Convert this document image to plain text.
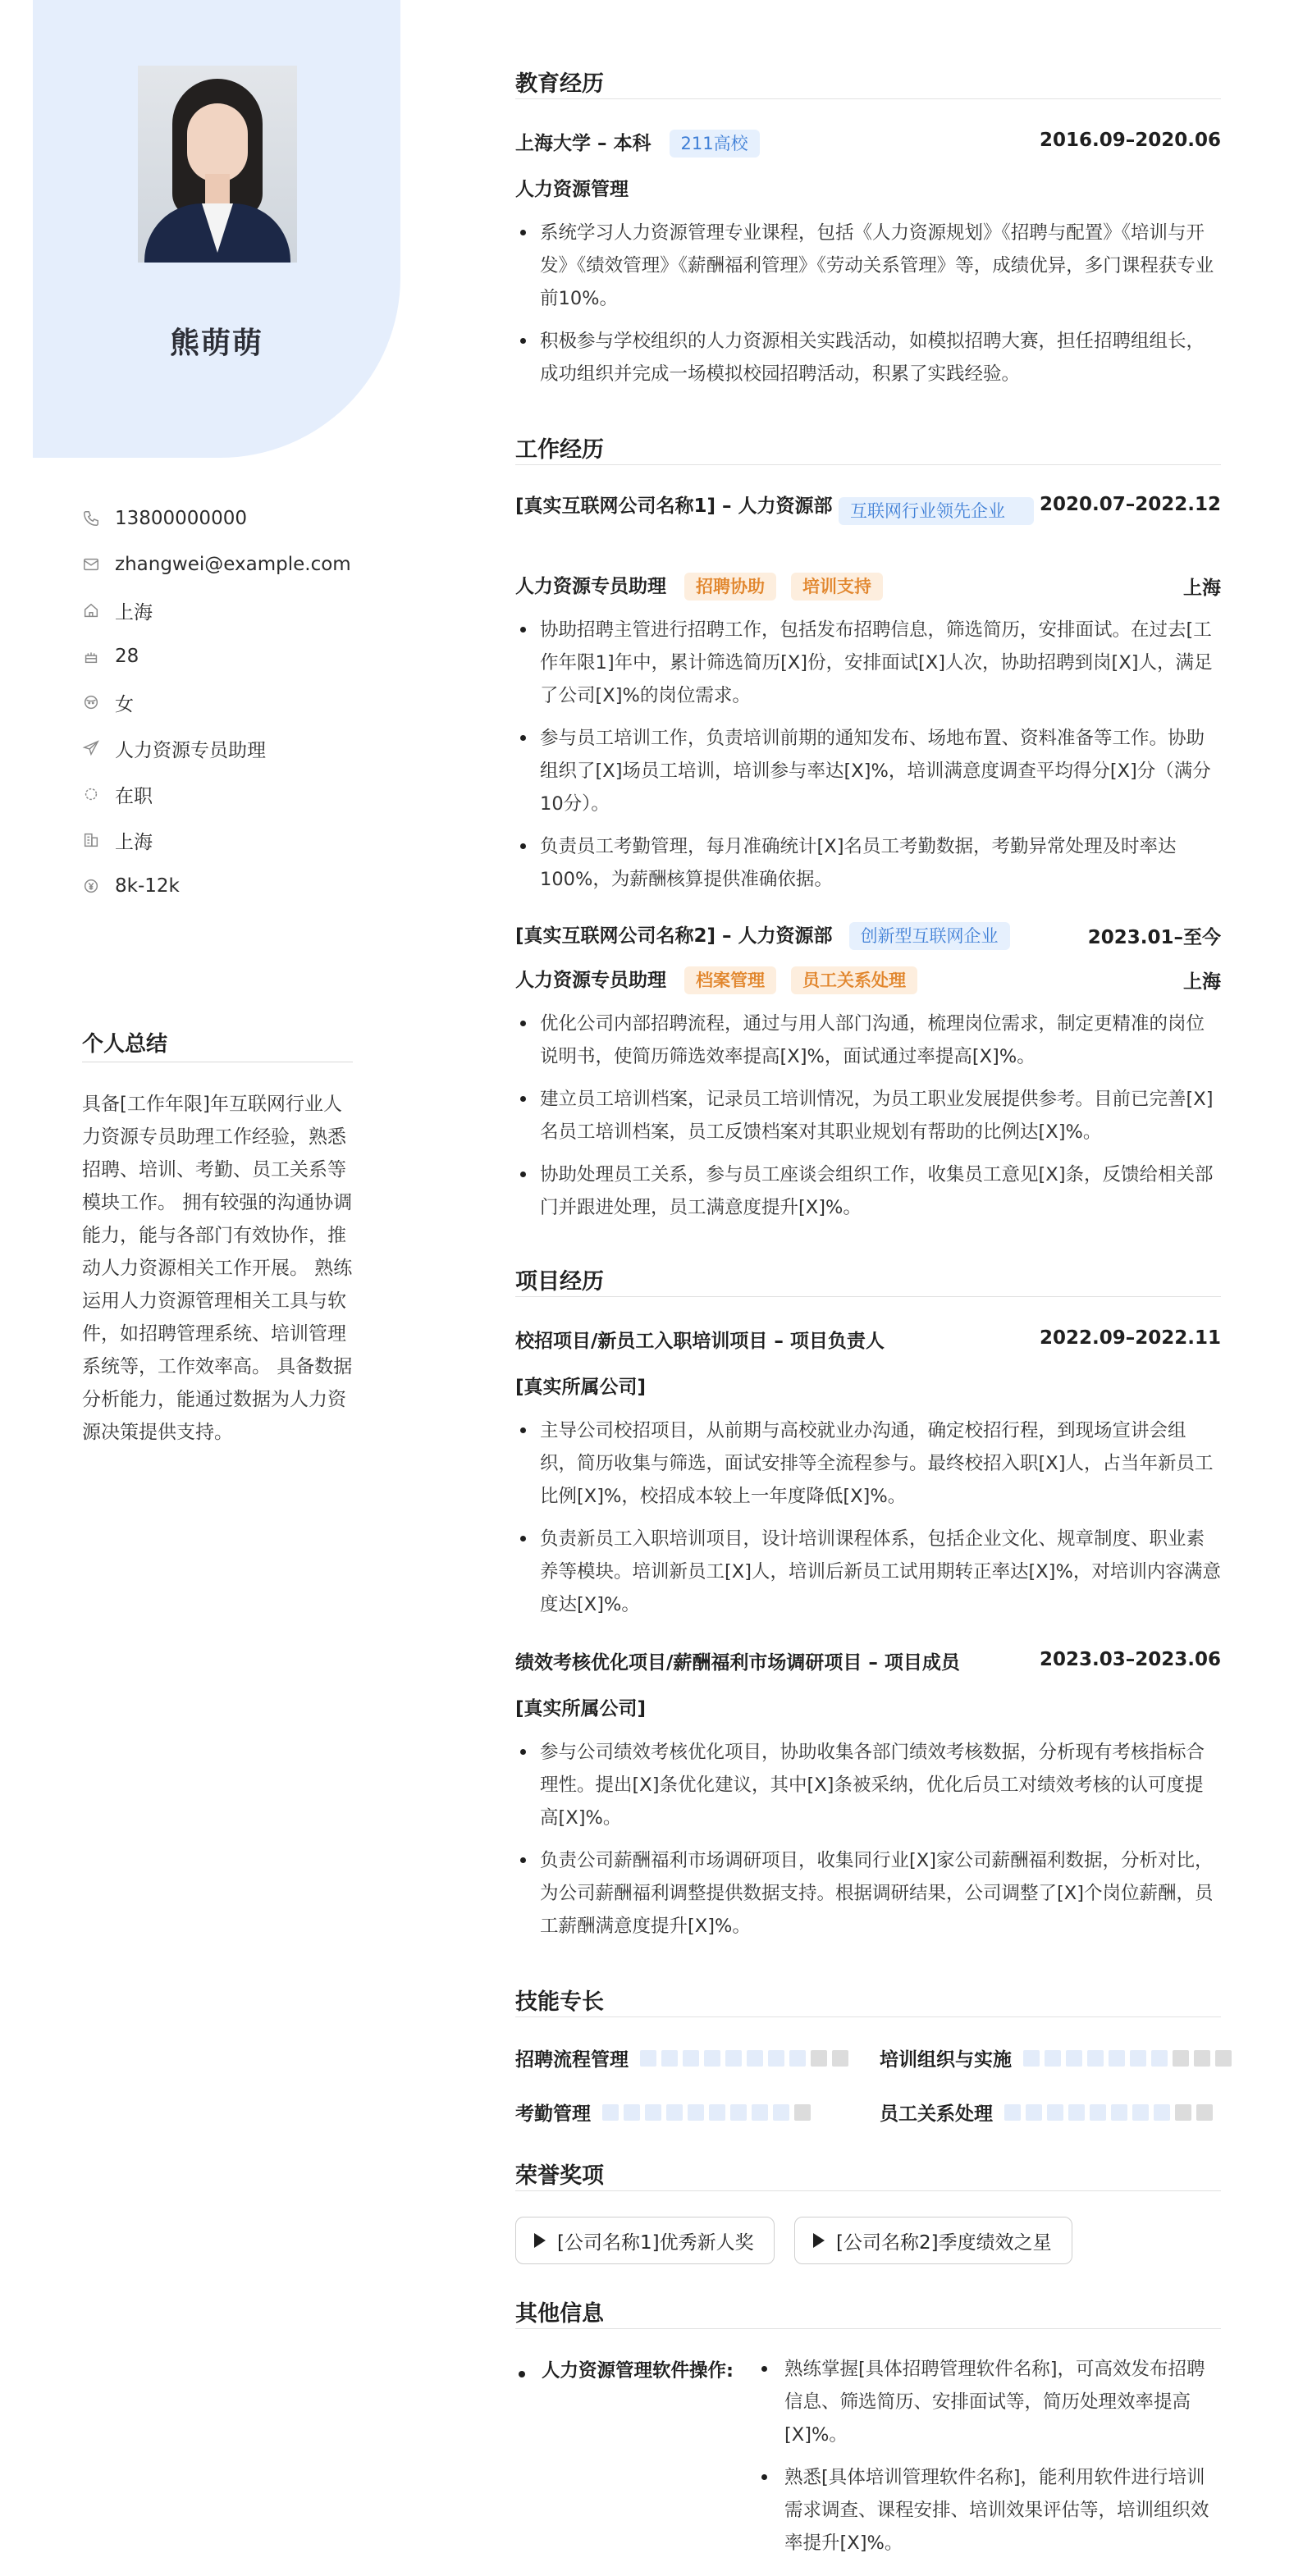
熊萌萌
13800000000
zhangwei@example.com
上海
28
女
人力资源专员助理
在职
上海
8k-12k
个人总结
具备[工作年限]年互联网行业人力资源专员助理工作经验，熟悉招聘、培训、考勤、员工关系等模块工作。 拥有较强的沟通协调能力，能与各部门有效协作，推动人力资源相关工作开展。 熟练运用人力资源管理相关工具与软件，如招聘管理系统、培训管理系统等，工作效率高。 具备数据分析能力，能通过数据为人力资源决策提供支持。
教育经历
上海大学 – 本科 211高校	2016.09–2020.06
人力资源管理
系统学习人力资源管理专业课程，包括《人力资源规划》《招聘与配置》《培训与开发》《绩效管理》《薪酬福利管理》《劳动关系管理》等，成绩优异，多门课程获专业前10%。
积极参与学校组织的人力资源相关实践活动，如模拟招聘大赛，担任招聘组组长，成功组织并完成一场模拟校园招聘活动，积累了实践经验。
工作经历
[真实互联网公司名称1] – 人力资源部	互联网行业领先企业	2020.07–2022.12
人力资源专员助理 招聘协助 培训支持	上海
协助招聘主管进行招聘工作，包括发布招聘信息，筛选简历，安排面试。在过去[工作年限1]年中，累计筛选简历[X]份，安排面试[X]人次，协助招聘到岗[X]人，满足了公司[X]%的岗位需求。
参与员工培训工作，负责培训前期的通知发布、场地布置、资料准备等工作。协助组织了[X]场员工培训，培训参与率达[X]%，培训满意度调查平均得分[X]分（满分10分）。
负责员工考勤管理，每月准确统计[X]名员工考勤数据，考勤异常处理及时率达100%，为薪酬核算提供准确依据。
[真实互联网公司名称2] – 人力资源部 创新型互联网企业	2023.01–至今
人力资源专员助理 档案管理 员工关系处理	上海
优化公司内部招聘流程，通过与用人部门沟通，梳理岗位需求，制定更精准的岗位说明书，使简历筛选效率提高[X]%，面试通过率提高[X]%。
建立员工培训档案，记录员工培训情况，为员工职业发展提供参考。目前已完善[X]名员工培训档案，员工反馈档案对其职业规划有帮助的比例达[X]%。
协助处理员工关系，参与员工座谈会组织工作，收集员工意见[X]条，反馈给相关部门并跟进处理，员工满意度提升[X]%。
项目经历
校招项目/新员工入职培训项目 – 项目负责人	2022.09–2022.11
[真实所属公司]
主导公司校招项目，从前期与高校就业办沟通，确定校招行程，到现场宣讲会组织，简历收集与筛选，面试安排等全流程参与。最终校招入职[X]人，占当年新员工比例[X]%，校招成本较上一年度降低[X]%。
负责新员工入职培训项目，设计培训课程体系，包括企业文化、规章制度、职业素养等模块。培训新员工[X]人，培训后新员工试用期转正率达[X]%，对培训内容满意度达[X]%。
绩效考核优化项目/薪酬福利市场调研项目 – 项目成员	2023.03–2023.06
[真实所属公司]
参与公司绩效考核优化项目，协助收集各部门绩效考核数据，分析现有考核指标合理性。提出[X]条优化建议，其中[X]条被采纳，优化后员工对绩效考核的认可度提高[X]%。
负责公司薪酬福利市场调研项目，收集同行业[X]家公司薪酬福利数据，分析对比，为公司薪酬福利调整提供数据支持。根据调研结果，公司调整了[X]个岗位薪酬，员工薪酬满意度提升[X]%。
技能专长
招聘流程管理	培训组织与实施
考勤管理	员工关系处理
荣誉奖项
[公司名称1]优秀新人奖	[公司名称2]季度绩效之星
其他信息
人力资源管理软件操作:	熟练掌握[具体招聘管理软件名称]，可高效发布招聘信息、筛选简历、安排面试等，简历处理效率提高[X]%。
熟悉[具体培训管理软件名称]，能利用软件进行培训需求调查、课程安排、培训效果评估等，培训组织效率提升[X]%。
